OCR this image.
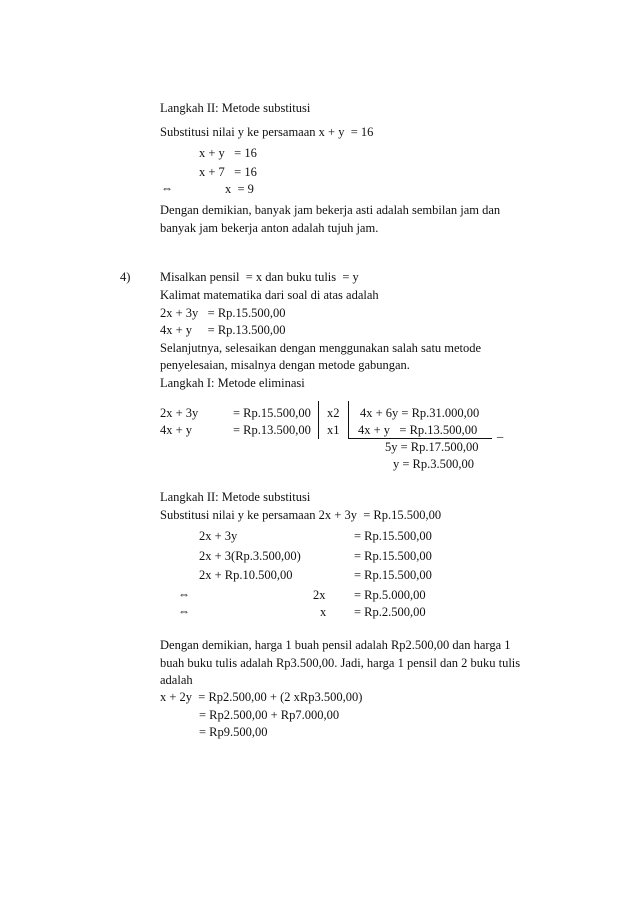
Langkah II: Metode substitusi
Substitusi nilai y ke persamaan x + y  = 16
x + y   = 16
x + 7   = 16
⇔	x  = 9
Dengan demikian, banyak jam bekerja asti adalah sembilan jam dan
banyak jam bekerja anton adalah tujuh jam.
4) Misalkan pensil  = x dan buku tulis  = y
Kalimat matematika dari soal di atas adalah
2x + 3y   = Rp.15.500,00
4x + y     = Rp.13.500,00
Selanjutnya, selesaikan dengan menggunakan salah satu metode
penyelesaian, misalnya dengan metode gabungan.
Langkah I: Metode eliminasi
2x + 3y	= Rp.15.500,00 x2 4x + 6y = Rp.31.000,00
4x + y	= Rp.13.500,00 x1 4x + y   = Rp.13.500,00 _
5y = Rp.17.500,00
y = Rp.3.500,00
Langkah II: Metode substitusi
Substitusi nilai y ke persamaan 2x + 3y  = Rp.15.500,00
2x + 3y	= Rp.15.500,00
2x + 3(Rp.3.500,00)	= Rp.15.500,00
2x + Rp.10.500,00	= Rp.15.500,00
⇔	2x = Rp.5.000,00
⇔	x = Rp.2.500,00
Dengan demikian, harga 1 buah pensil adalah Rp2.500,00 dan harga 1
buah buku tulis adalah Rp3.500,00. Jadi, harga 1 pensil dan 2 buku tulis
adalah
x + 2y  = Rp2.500,00 + (2 xRp3.500,00)
= Rp2.500,00 + Rp7.000,00
= Rp9.500,00
